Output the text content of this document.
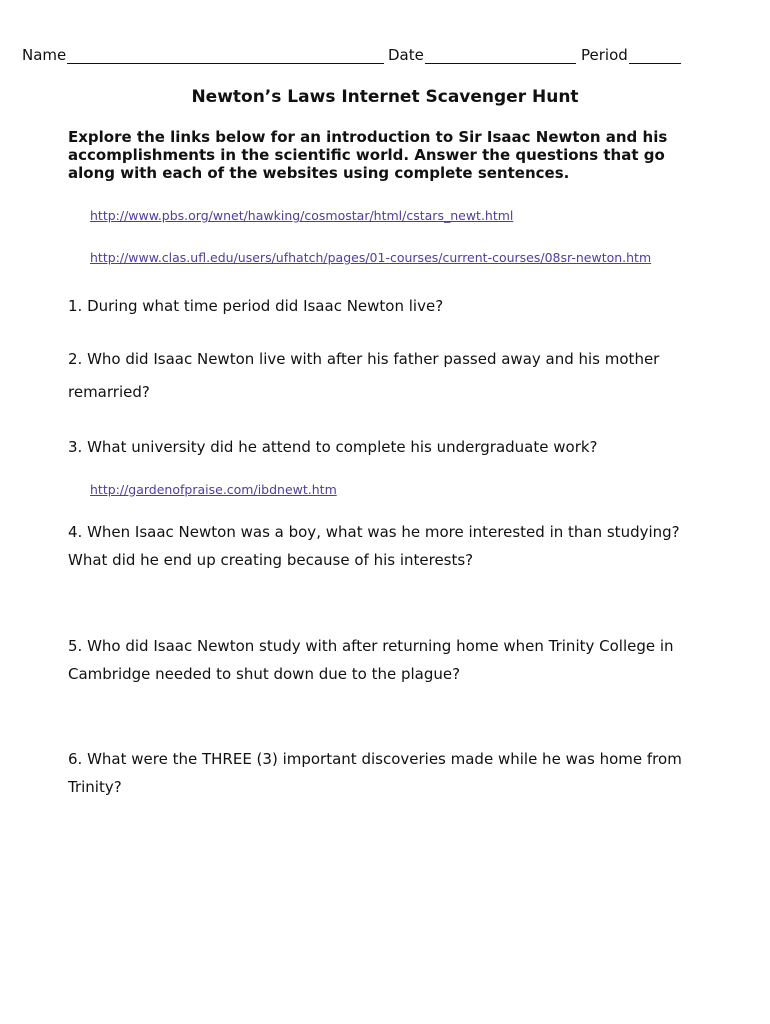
Name	Date	Period
Newton’s Laws Internet Scavenger Hunt
Explore the links below for an introduction to Sir Isaac Newton and his accomplishments in the scientific world. Answer the questions that go along with each of the websites using complete sentences.
http://www.pbs.org/wnet/hawking/cosmostar/html/cstars_newt.html
http://www.clas.ufl.edu/users/ufhatch/pages/01-courses/current-courses/08sr-newton.htm
1. During what time period did Isaac Newton live?
2. Who did Isaac Newton live with after his father passed away and his mother remarried?
3. What university did he attend to complete his undergraduate work?
http://gardenofpraise.com/ibdnewt.htm
4. When Isaac Newton was a boy, what was he more interested in than studying? What did he end up creating because of his interests?
5. Who did Isaac Newton study with after returning home when Trinity College in Cambridge needed to shut down due to the plague?
6. What were the THREE (3) important discoveries made while he was home from Trinity?
